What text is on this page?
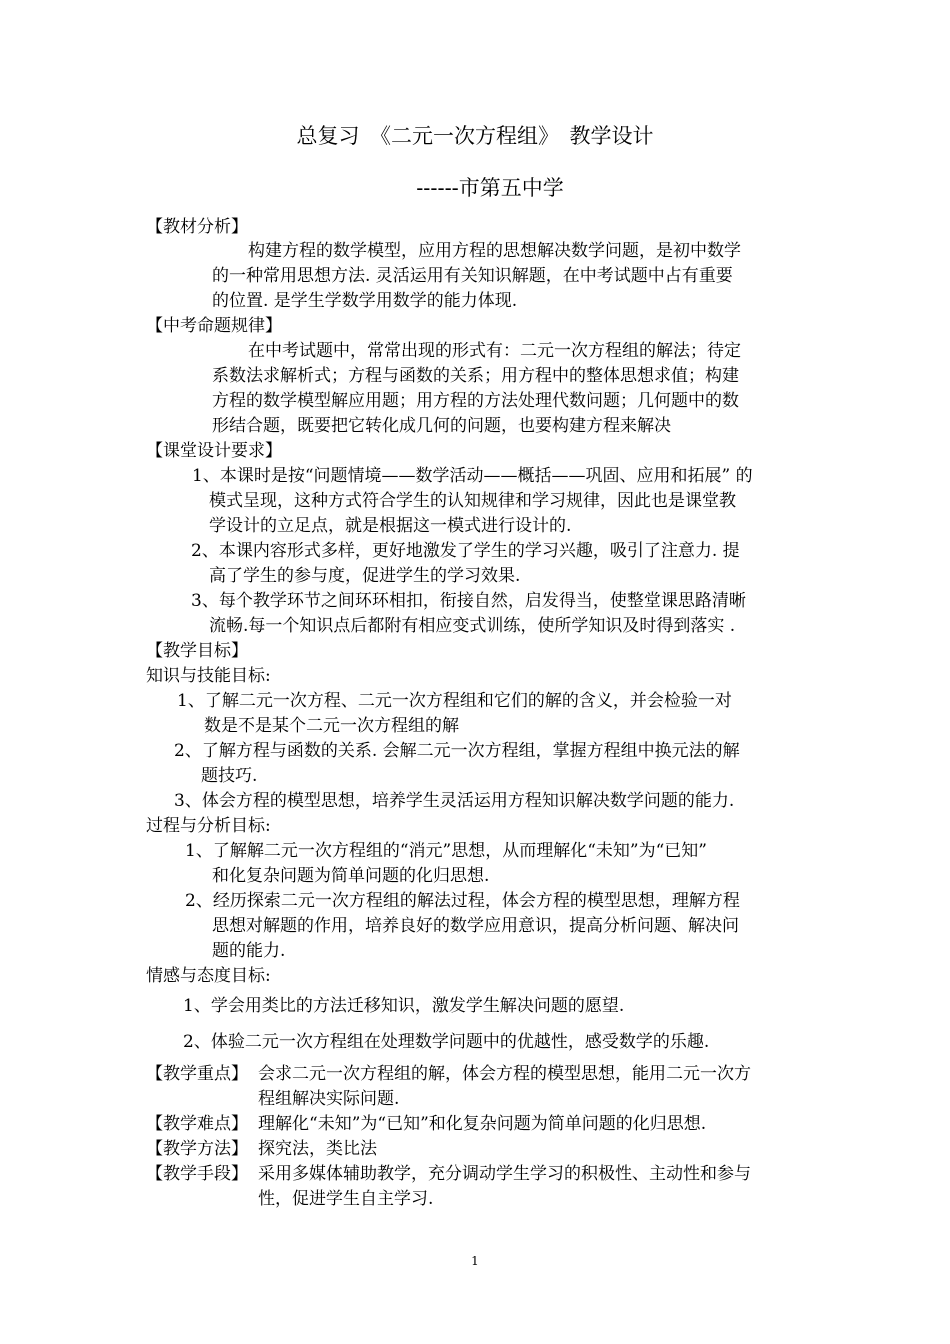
总复习　《二元一次方程组》　教学设计
------市第五中学
【教材分析】
构建方程的数学模型，应用方程的思想解决数学问题，是初中数学
的一种常用思想方法. 灵活运用有关知识解题，在中考试题中占有重要
的位置. 是学生学数学用数学的能力体现.
【中考命题规律】
在中考试题中，常常出现的形式有：二元一次方程组的解法；待定
系数法求解析式；方程与函数的关系；用方程中的整体思想求值；构建
方程的数学模型解应用题；用方程的方法处理代数问题；几何题中的数
形结合题，既要把它转化成几何的问题，也要构建方程来解决
【课堂设计要求】
1、本课时是按“问题情境——数学活动——概括——巩固、应用和拓展” 的
模式呈现，这种方式符合学生的认知规律和学习规律，因此也是课堂教
学设计的立足点，就是根据这一模式进行设计的.
2、本课内容形式多样，更好地激发了学生的学习兴趣，吸引了注意力. 提
高了学生的参与度，促进学生的学习效果.
3、每个教学环节之间环环相扣，衔接自然，启发得当，使整堂课思路清晰
流畅.每一个知识点后都附有相应变式训练，使所学知识及时得到落实 .
【教学目标】
知识与技能目标:
1、了解二元一次方程、二元一次方程组和它们的解的含义，并会检验一对
数是不是某个二元一次方程组的解
2、了解方程与函数的关系. 会解二元一次方程组，掌握方程组中换元法的解
题技巧.
3、体会方程的模型思想，培养学生灵活运用方程知识解决数学问题的能力.
过程与分析目标:
1、了解解二元一次方程组的“消元”思想，从而理解化“未知”为“已知”
和化复杂问题为简单问题的化归思想.
2、经历探索二元一次方程组的解法过程，体会方程的模型思想，理解方程
思想对解题的作用，培养良好的数学应用意识，提高分析问题、解决问
题的能力.
情感与态度目标:
1、学会用类比的方法迁移知识，激发学生解决问题的愿望.
2、体验二元一次方程组在处理数学问题中的优越性，感受数学的乐趣.
【教学重点】 会求二元一次方程组的解，体会方程的模型思想，能用二元一次方
程组解决实际问题.
【教学难点】 理解化“未知”为“已知”和化复杂问题为简单问题的化归思想.
【教学方法】 探究法，类比法
【教学手段】 采用多媒体辅助教学，充分调动学生学习的积极性、主动性和参与
性，促进学生自主学习.
1
